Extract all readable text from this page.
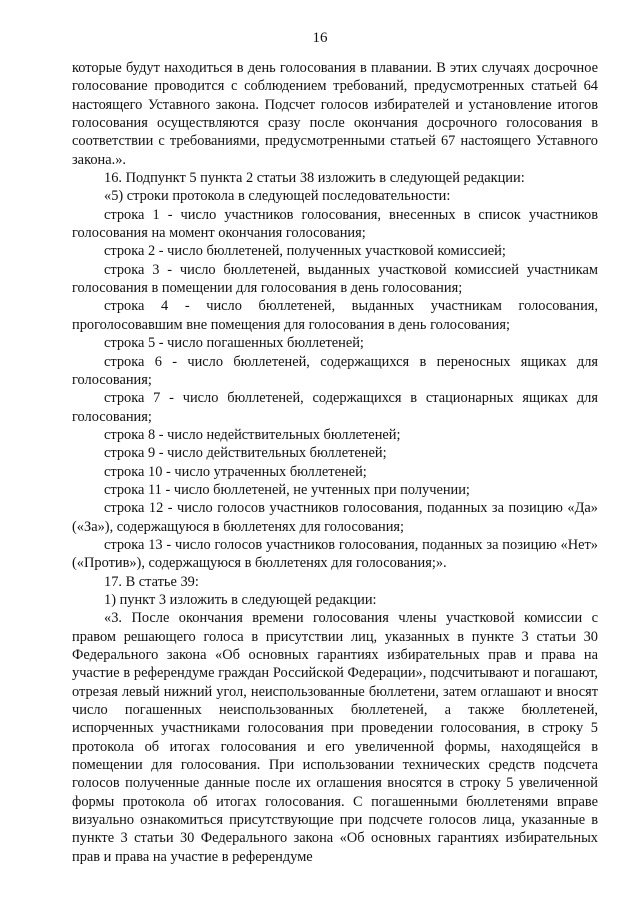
16

которые будут находиться в день голосования в плавании. В этих случаях досрочное голосование проводится с соблюдением требований, предусмотренных статьей 64 настоящего Уставного закона. Подсчет голосов избирателей и установление итогов голосования осуществляются сразу после окончания досрочного голосования в соответствии с требованиями, предусмотренными статьей 67 настоящего Уставного закона.».

16. Подпункт 5 пункта 2 статьи 38 изложить в следующей редакции:

«5) строки протокола в следующей последовательности:

строка 1 - число участников голосования, внесенных в список участников голосования на момент окончания голосования;

строка 2 - число бюллетеней, полученных участковой комиссией;

строка 3 - число бюллетеней, выданных участковой комиссией участникам голосования в помещении для голосования в день голосования;

строка 4 - число бюллетеней, выданных участникам голосования, проголосовавшим вне помещения для голосования в день голосования;

строка 5 - число погашенных бюллетеней;

строка 6 - число бюллетеней, содержащихся в переносных ящиках для голосования;

строка 7 - число бюллетеней, содержащихся в стационарных ящиках для голосования;

строка 8 - число недействительных бюллетеней;

строка 9 - число действительных бюллетеней;

строка 10 - число утраченных бюллетеней;

строка 11 - число бюллетеней, не учтенных при получении;

строка 12 - число голосов участников голосования, поданных за позицию «Да» («За»), содержащуюся в бюллетенях для голосования;

строка 13 - число голосов участников голосования, поданных за позицию «Нет» («Против»), содержащуюся в бюллетенях для голосования;».

17. В статье 39:

1) пункт 3 изложить в следующей редакции:

«3. После окончания времени голосования члены участковой комиссии с правом решающего голоса в присутствии лиц, указанных в пункте 3 статьи 30 Федерального закона «Об основных гарантиях избирательных прав и права на участие в референдуме граждан Российской Федерации», подсчитывают и погашают, отрезая левый нижний угол, неиспользованные бюллетени, затем оглашают и вносят число погашенных неиспользованных бюллетеней, а также бюллетеней, испорченных участниками голосования при проведении голосования, в строку 5 протокола об итогах голосования и его увеличенной формы, находящейся в помещении для голосования. При использовании технических средств подсчета голосов полученные данные после их оглашения вносятся в строку 5 увеличенной формы протокола об итогах голосования. С погашенными бюллетенями вправе визуально ознакомиться присутствующие при подсчете голосов лица, указанные в пункте 3 статьи 30 Федерального закона «Об основных гарантиях избирательных прав и права на участие в референдуме
